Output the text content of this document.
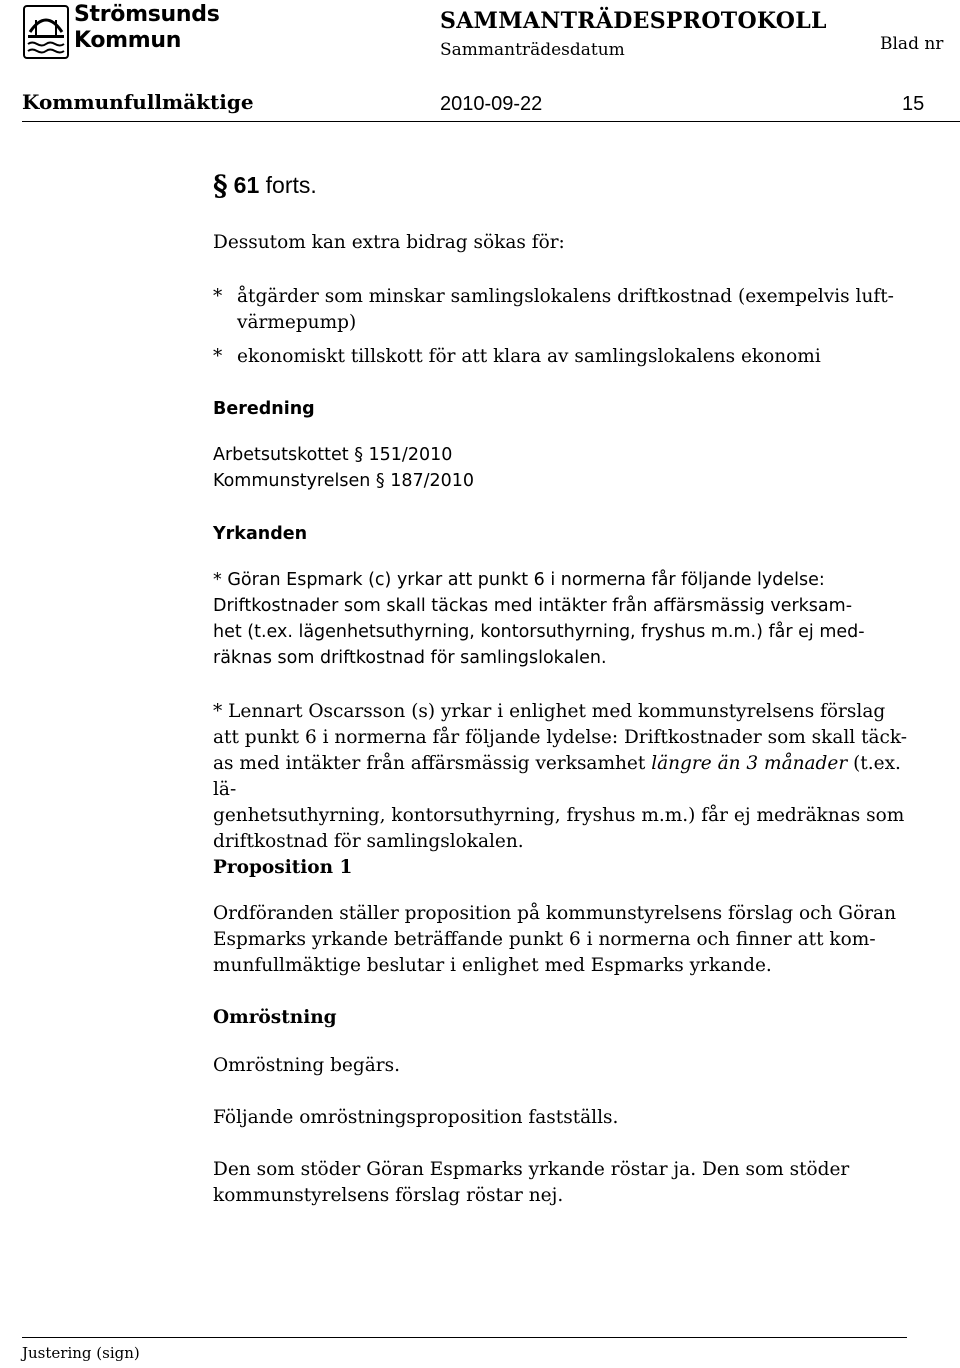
Strömsunds
Kommun
SAMMANTRÄDESPROTOKOLL
Sammanträdesdatum	Blad nr
Kommunfullmäktige	2010-09-22	15
§ 61 forts.
Dessutom kan extra bidrag sökas för:
* åtgärder som minskar samlingslokalens driftkostnad (exempelvis luft-
värmepump)
* ekonomiskt tillskott för att klara av samlingslokalens ekonomi
Beredning
Arbetsutskottet § 151/2010
Kommunstyrelsen § 187/2010
Yrkanden
* Göran Espmark (c) yrkar att punkt 6 i normerna får följande lydelse:
Driftkostnader som skall täckas med intäkter från affärsmässig verksam-
het (t.ex. lägenhetsuthyrning, kontorsuthyrning, fryshus m.m.) får ej med-
räknas som driftkostnad för samlingslokalen.
* Lennart Oscarsson (s) yrkar i enlighet med kommunstyrelsens förslag
att punkt 6 i normerna får följande lydelse: Driftkostnader som skall täck-
as med intäkter från affärsmässig verksamhet längre än 3 månader (t.ex. lä-
genhetsuthyrning, kontorsuthyrning, fryshus m.m.) får ej medräknas som
driftkostnad för samlingslokalen.
Proposition 1
Ordföranden ställer proposition på kommunstyrelsens förslag och Göran
Espmarks yrkande beträffande punkt 6 i normerna och finner att kom-
munfullmäktige beslutar i enlighet med Espmarks yrkande.
Omröstning
Omröstning begärs.
Följande omröstningsproposition fastställs.
Den som stöder Göran Espmarks yrkande röstar ja. Den som stöder
kommunstyrelsens förslag röstar nej.
Justering (sign)
